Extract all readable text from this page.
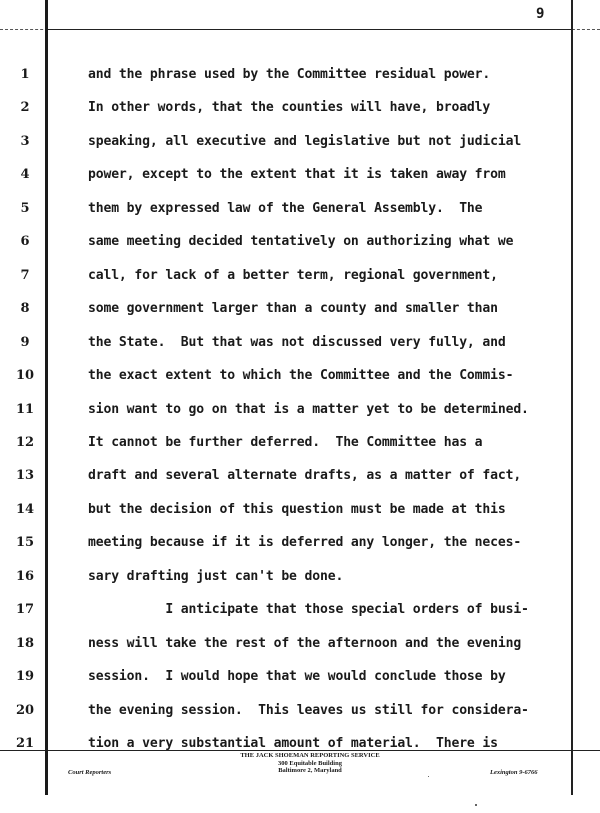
9
1	and the phrase used by the Committee residual power.
2	In other words, that the counties will have, broadly
3	speaking, all executive and legislative but not judicial
4	power, except to the extent that it is taken away from
5	them by expressed law of the General Assembly.  The
6	same meeting decided tentatively on authorizing what we
7	call, for lack of a better term, regional government,
8	some government larger than a county and smaller than
9	the State.  But that was not discussed very fully, and
10	the exact extent to which the Committee and the Commis-
11	sion want to go on that is a matter yet to be determined.
12	It cannot be further deferred.  The Committee has a
13	draft and several alternate drafts, as a matter of fact,
14	but the decision of this question must be made at this
15	meeting because if it is deferred any longer, the neces-
16	sary drafting just can't be done.
17	I anticipate that those special orders of busi-
18	ness will take the rest of the afternoon and the evening
19	session.  I would hope that we would conclude those by
20	the evening session.  This leaves us still for considera-
21	tion a very substantial amount of material.  There is
Court Reporters
THE JACK SHOEMAN REPORTING SERVICE
300 Equitable Building
Baltimore 2, Maryland	Lexington 9-6766
